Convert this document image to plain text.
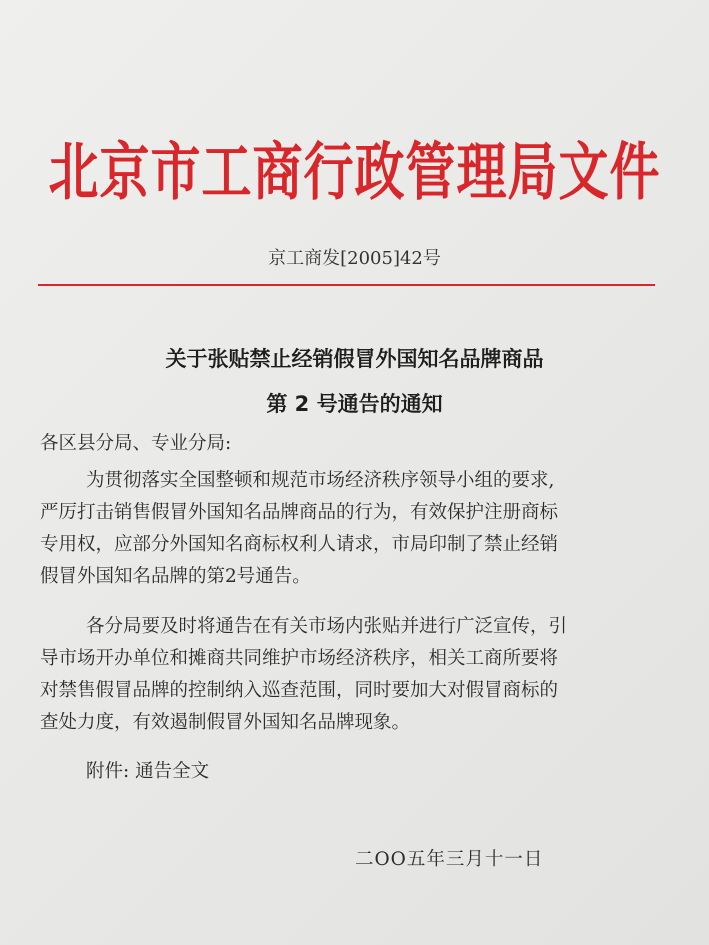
北京市工商行政管理局文件
京工商发[2005]42号
关于张贴禁止经销假冒外国知名品牌商品
第 2 号通告的通知
各区县分局、专业分局:
为贯彻落实全国整顿和规范市场经济秩序领导小组的要求,
严厉打击销售假冒外国知名品牌商品的行为，有效保护注册商标
专用权，应部分外国知名商标权利人请求，市局印制了禁止经销
假冒外国知名品牌的第2号通告。
各分局要及时将通告在有关市场内张贴并进行广泛宣传，引
导市场开办单位和摊商共同维护市场经济秩序，相关工商所要将
对禁售假冒品牌的控制纳入巡查范围，同时要加大对假冒商标的
查处力度，有效遏制假冒外国知名品牌现象。
附件: 通告全文
二OO五年三月十一日
